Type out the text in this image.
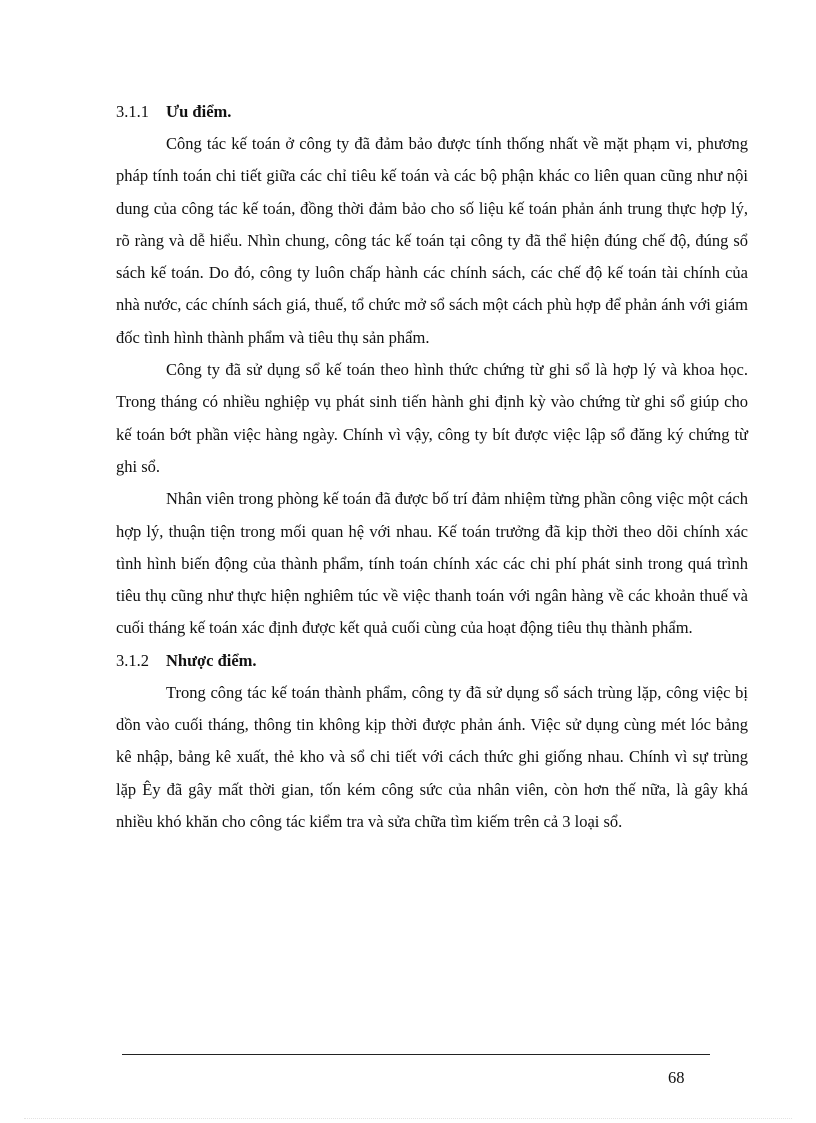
3.1.1	Ưu điểm.

Công tác kế toán ở công ty đã đảm bảo được tính thống nhất về mặt phạm vi, phương pháp tính toán chi tiết giữa các chỉ tiêu kế toán và các bộ phận khác co liên quan cũng như nội dung của công tác kế toán, đồng thời đảm bảo cho số liệu kế toán phản ánh trung thực hợp lý, rõ ràng và dễ hiểu. Nhìn chung, công tác kế toán tại công ty đã thể hiện đúng chế độ, đúng sổ sách kế toán. Do đó, công ty luôn chấp hành các chính sách, các chế độ kế toán tài chính của nhà nước, các chính sách giá, thuế, tổ chức mở sổ sách một cách phù hợp để phản ánh với giám đốc tình hình thành phẩm và tiêu thụ sản phẩm.

Công ty đã sử dụng sổ kế toán theo hình thức chứng từ ghi sổ là hợp lý và khoa học. Trong tháng có nhiều nghiệp vụ phát sinh tiến hành ghi định kỳ vào chứng từ ghi sổ giúp cho kế toán bớt phần việc hàng ngày. Chính vì vậy, công ty bít được việc lập sổ đăng ký chứng từ ghi sổ.

Nhân viên trong phòng kế toán đã được bố trí đảm nhiệm từng phần công việc một cách hợp lý, thuận tiện trong mối quan hệ với nhau. Kế toán trưởng đã kịp thời theo dõi chính xác tình hình biến động của thành phẩm, tính toán chính xác các chi phí phát sinh trong quá trình tiêu thụ cũng như thực hiện nghiêm túc về việc thanh toán với ngân hàng về các khoản thuế và cuối tháng kế toán xác định được kết quả cuối cùng của hoạt động tiêu thụ thành phẩm.

3.1.2	Nhược điểm.

Trong công tác kế toán thành phẩm, công ty đã sử dụng sổ sách trùng lặp, công việc bị dồn vào cuối tháng, thông tin không kịp thời được phản ánh. Việc sử dụng cùng mét lóc bảng kê nhập, bảng kê xuất, thẻ kho và sổ chi tiết với cách thức ghi giống nhau. Chính vì sự trùng lặp Êy đã gây mất thời gian, tốn kém công sức của nhân viên, còn hơn thế nữa, là gây khá nhiều khó khăn cho công tác kiểm tra và sửa chữa tìm kiếm trên cả 3 loại sổ.

68
